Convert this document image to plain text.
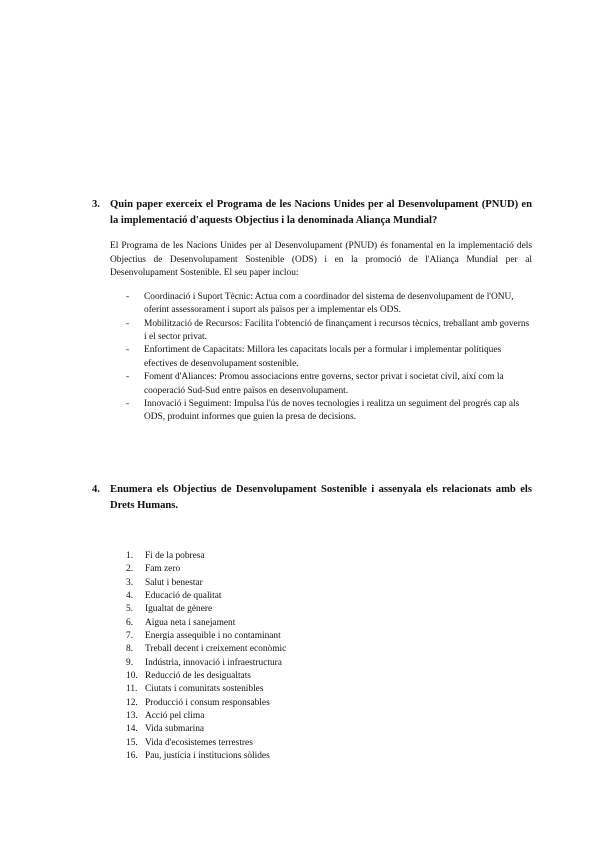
3. Quin paper exerceix el Programa de les Nacions Unides per al Desenvolupament (PNUD) en la implementació d'aquests Objectius i la denominada Aliança Mundial?

El Programa de les Nacions Unides per al Desenvolupament (PNUD) és fonamental en la implementació dels Objectius de Desenvolupament Sostenible (ODS) i en la promoció de l'Aliança Mundial per al Desenvolupament Sostenible. El seu paper inclou:

-	Coordinació i Suport Tècnic: Actua com a coordinador del sistema de desenvolupament de l'ONU, oferint assessorament i suport als països per a implementar els ODS.
-	Mobilització de Recursos: Facilita l'obtenció de finançament i recursos tècnics, treballant amb governs i el sector privat.
-	Enfortiment de Capacitats: Millora les capacitats locals per a formular i implementar polítiques efectives de desenvolupament sostenible.
-	Foment d'Aliances: Promou associacions entre governs, sector privat i societat civil, així com la cooperació Sud-Sud entre països en desenvolupament.
-	Innovació i Seguiment: Impulsa l'ús de noves tecnologies i realitza un seguiment del progrés cap als ODS, produint informes que guien la presa de decisions.
4. Enumera els Objectius de Desenvolupament Sostenible i assenyala els relacionats amb els Drets Humans.
1.	Fi de la pobresa
2.	Fam zero
3.	Salut i benestar
4.	Educació de qualitat
5.	Igualtat de gènere
6.	Aigua neta i sanejament
7.	Energia assequible i no contaminant
8.	Treball decent i creixement econòmic
9.	Indústria, innovació i infraestructura
10. Reducció de les desigualtats
11. Ciutats i comunitats sostenibles
12. Producció i consum responsables
13. Acció pel clima
14. Vida submarina
15. Vida d'ecosistemes terrestres
16. Pau, justícia i institucions sòlides
